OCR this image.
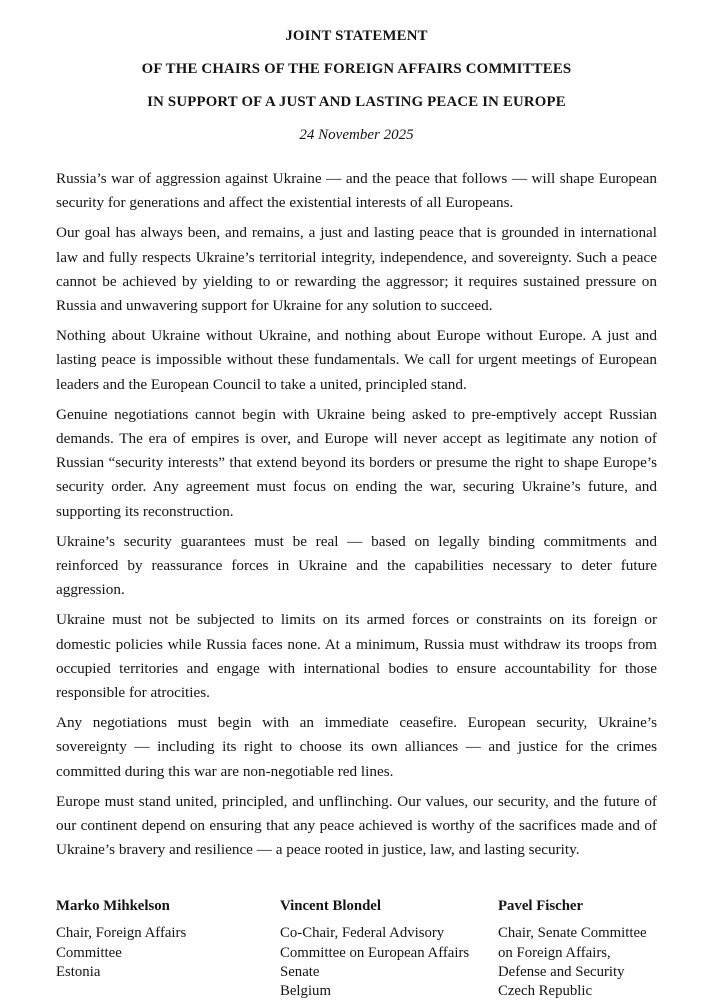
JOINT STATEMENT
OF THE CHAIRS OF THE FOREIGN AFFAIRS COMMITTEES
IN SUPPORT OF A JUST AND LASTING PEACE IN EUROPE
24 November 2025

Russia’s war of aggression against Ukraine — and the peace that follows — will shape European security for generations and affect the existential interests of all Europeans.

Our goal has always been, and remains, a just and lasting peace that is grounded in international law and fully respects Ukraine’s territorial integrity, independence, and sovereignty. Such a peace cannot be achieved by yielding to or rewarding the aggressor; it requires sustained pressure on Russia and unwavering support for Ukraine for any solution to succeed.

Nothing about Ukraine without Ukraine, and nothing about Europe without Europe. A just and lasting peace is impossible without these fundamentals. We call for urgent meetings of European leaders and the European Council to take a united, principled stand.

Genuine negotiations cannot begin with Ukraine being asked to pre-emptively accept Russian demands. The era of empires is over, and Europe will never accept as legitimate any notion of Russian “security interests” that extend beyond its borders or presume the right to shape Europe’s security order. Any agreement must focus on ending the war, securing Ukraine’s future, and supporting its reconstruction.

Ukraine’s security guarantees must be real — based on legally binding commitments and reinforced by reassurance forces in Ukraine and the capabilities necessary to deter future aggression.

Ukraine must not be subjected to limits on its armed forces or constraints on its foreign or domestic policies while Russia faces none. At a minimum, Russia must withdraw its troops from occupied territories and engage with international bodies to ensure accountability for those responsible for atrocities.

Any negotiations must begin with an immediate ceasefire. European security, Ukraine’s sovereignty — including its right to choose its own alliances — and justice for the crimes committed during this war are non-negotiable red lines.

Europe must stand united, principled, and unflinching. Our values, our security, and the future of our continent depend on ensuring that any peace achieved is worthy of the sacrifices made and of Ukraine’s bravery and resilience — a peace rooted in justice, law, and lasting security.

Marko Mihkelson
Chair, Foreign Affairs Committee
Estonia
Vincent Blondel
Co-Chair, Federal Advisory Committee on European Affairs
Senate
Belgium
Pavel Fischer
Chair, Senate Committee on Foreign Affairs, Defense and Security
Czech Republic
